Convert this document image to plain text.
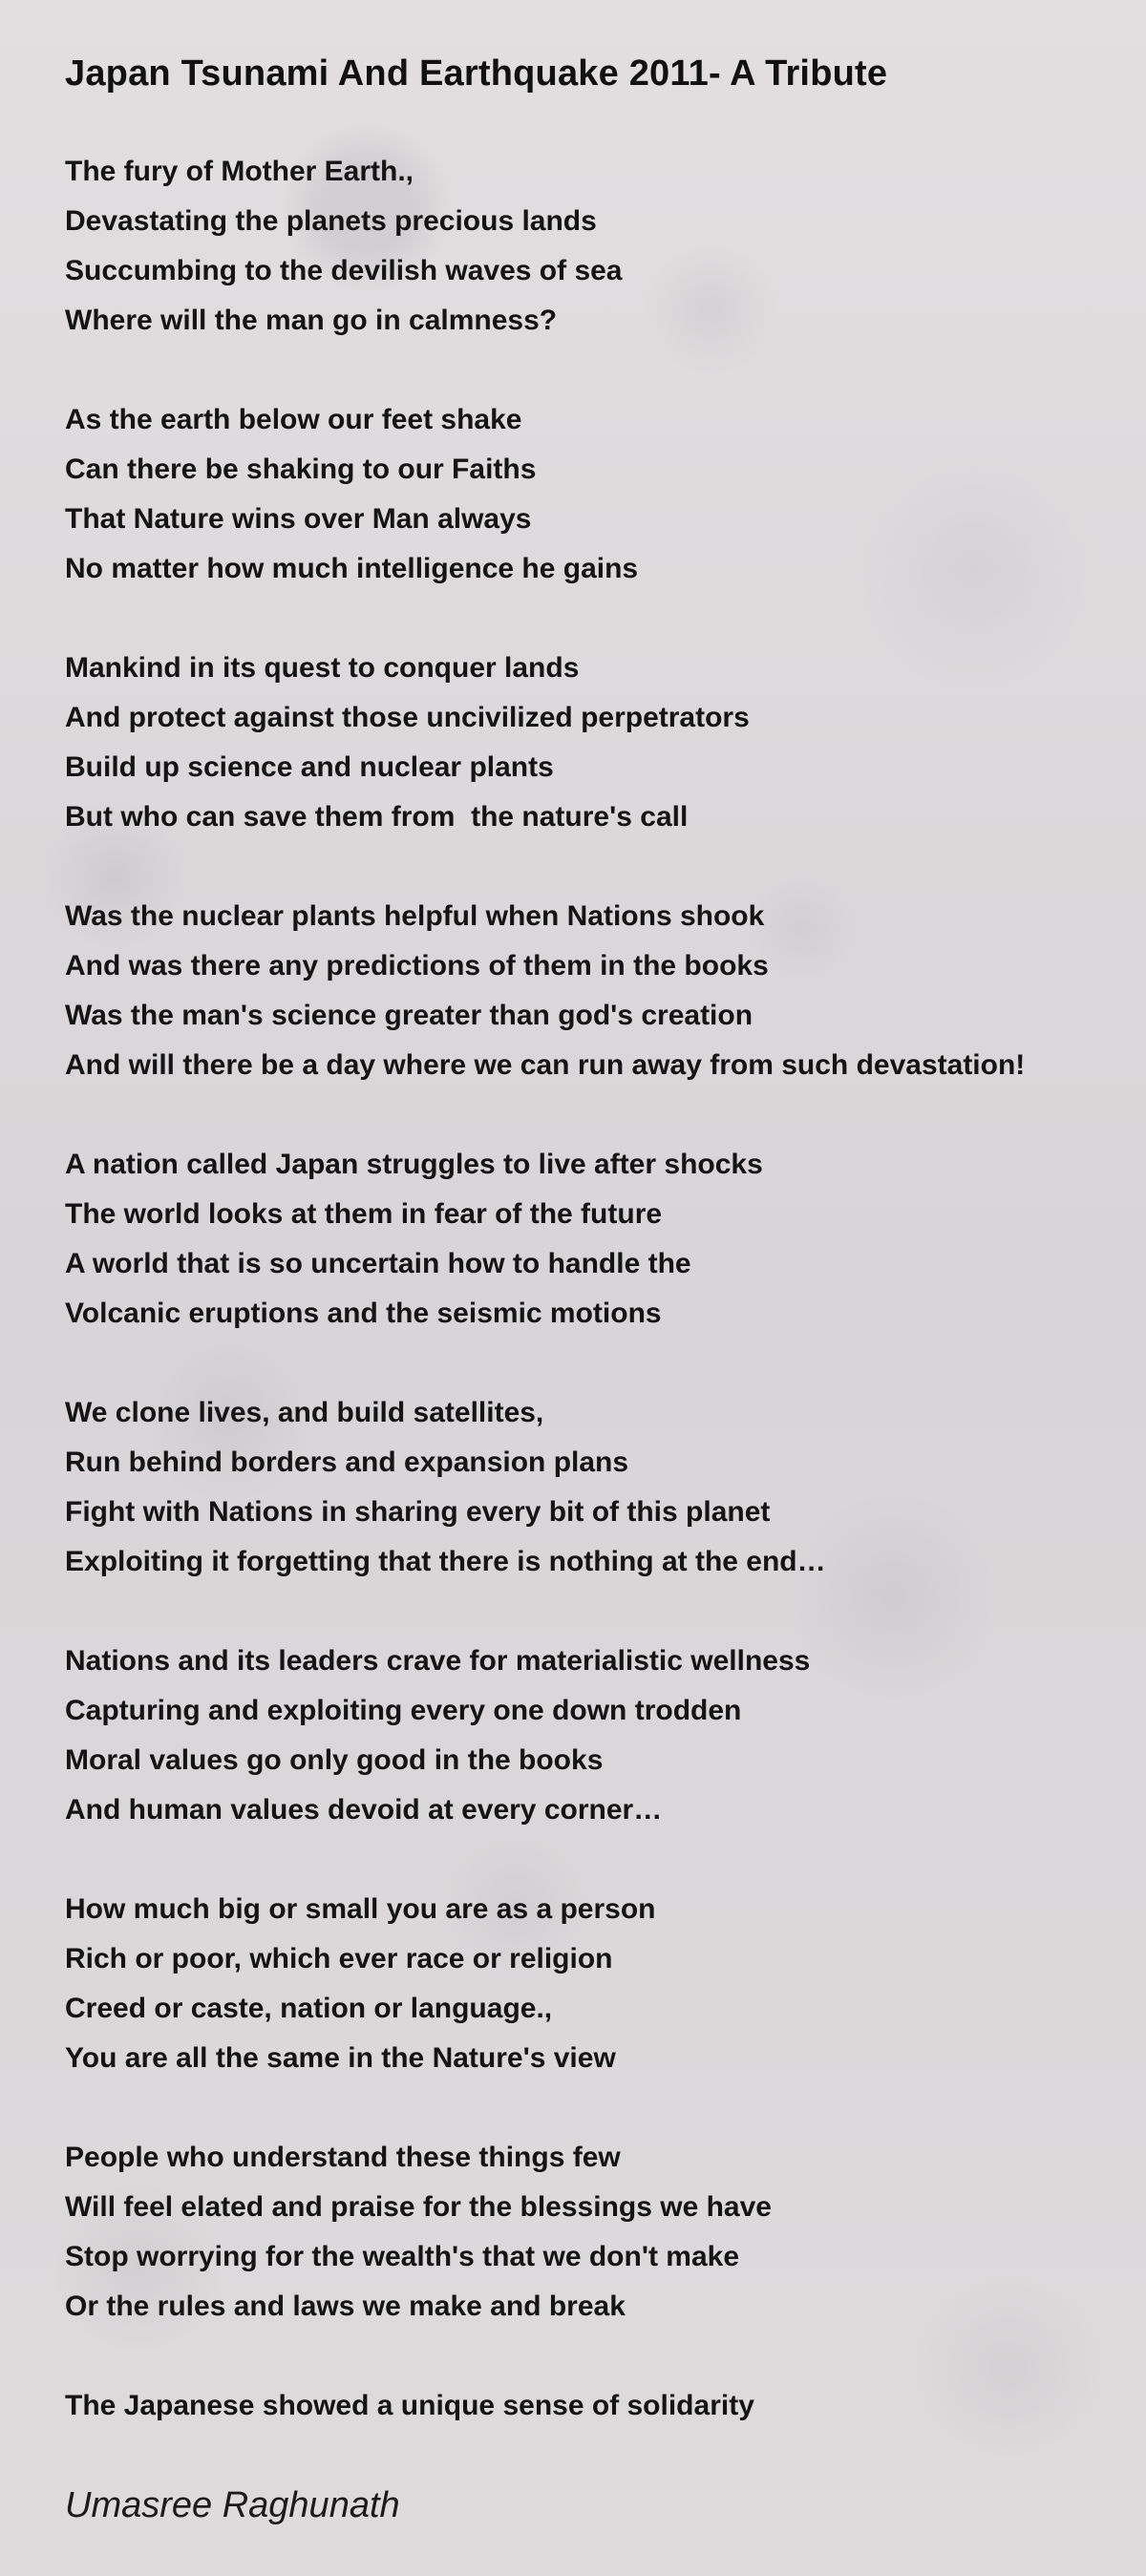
Japan Tsunami And Earthquake 2011- A Tribute
The fury of Mother Earth.,
Devastating the planets precious lands
Succumbing to the devilish waves of sea
Where will the man go in calmness?
As the earth below our feet shake
Can there be shaking to our Faiths
That Nature wins over Man always
No matter how much intelligence he gains
Mankind in its quest to conquer lands
And protect against those uncivilized perpetrators
Build up science and nuclear plants
But who can save them from  the nature's call
Was the nuclear plants helpful when Nations shook
And was there any predictions of them in the books
Was the man's science greater than god's creation
And will there be a day where we can run away from such devastation!
A nation called Japan struggles to live after shocks
The world looks at them in fear of the future
A world that is so uncertain how to handle the
Volcanic eruptions and the seismic motions
We clone lives, and build satellites,
Run behind borders and expansion plans
Fight with Nations in sharing every bit of this planet
Exploiting it forgetting that there is nothing at the end…
Nations and its leaders crave for materialistic wellness
Capturing and exploiting every one down trodden
Moral values go only good in the books
And human values devoid at every corner…
How much big or small you are as a person
Rich or poor, which ever race or religion
Creed or caste, nation or language.,
You are all the same in the Nature's view
People who understand these things few
Will feel elated and praise for the blessings we have
Stop worrying for the wealth's that we don't make
Or the rules and laws we make and break
The Japanese showed a unique sense of solidarity
Umasree Raghunath
